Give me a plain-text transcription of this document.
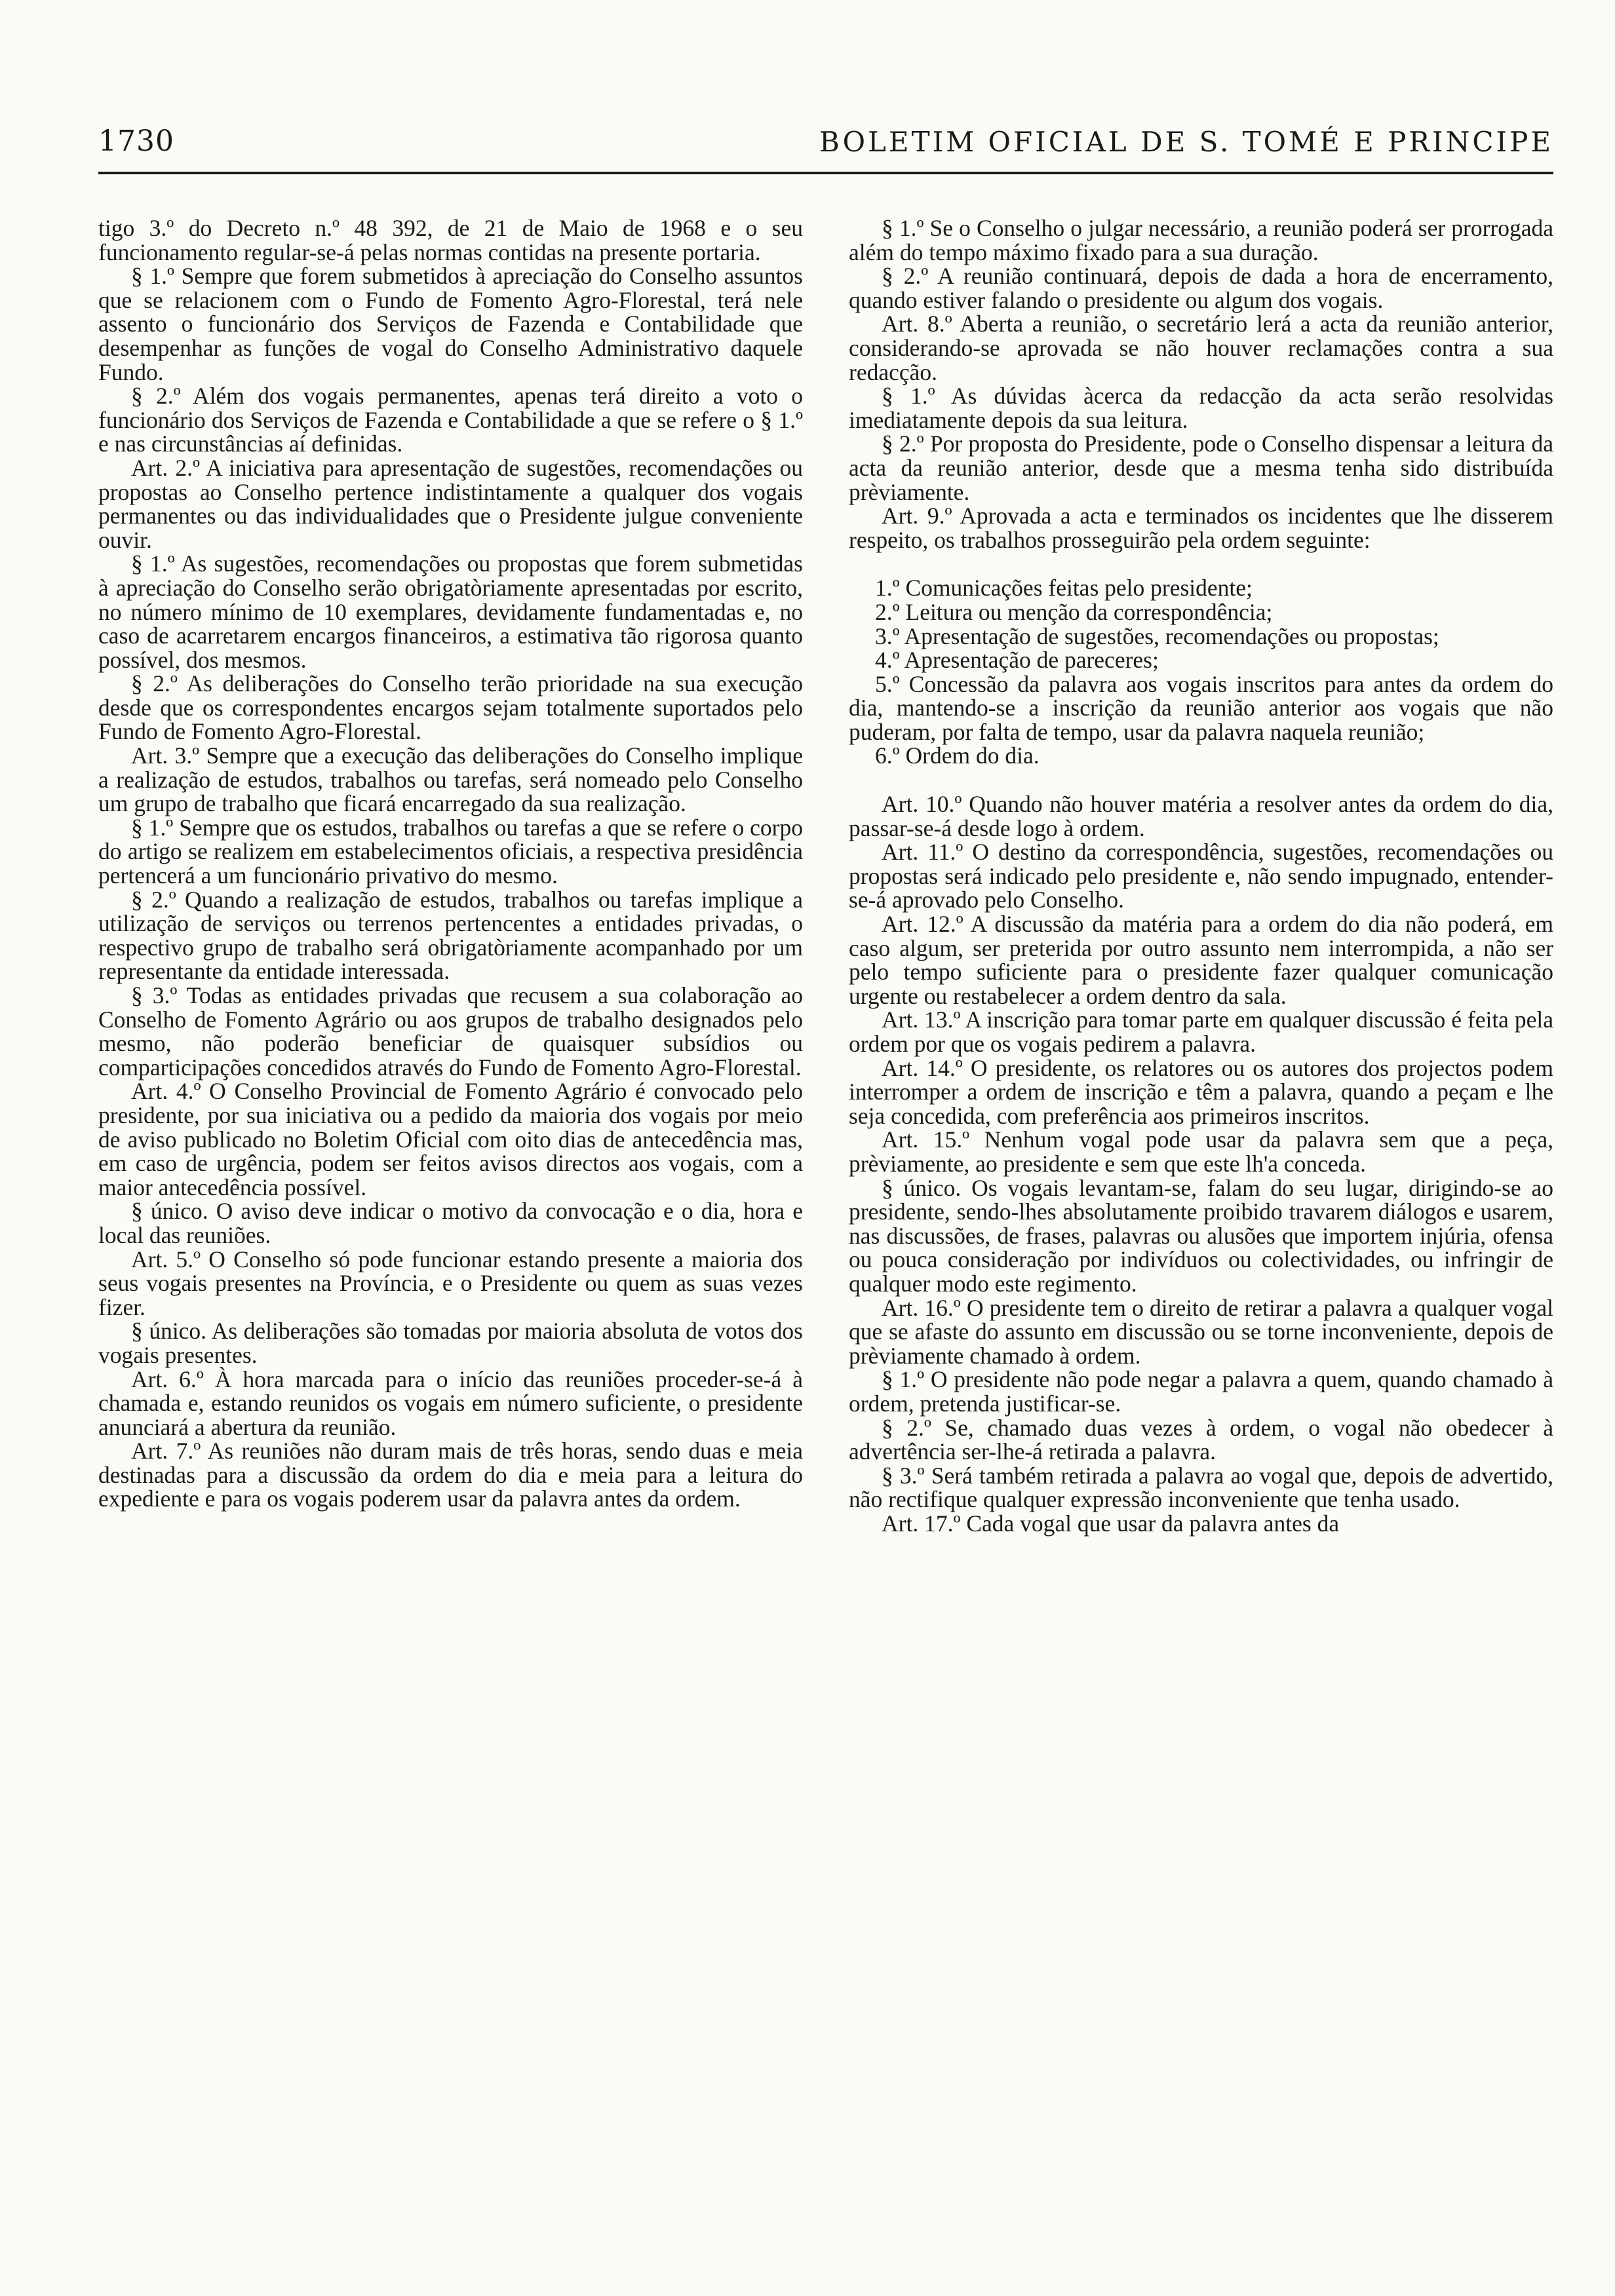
1730	BOLETIM OFICIAL DE S. TOMÉ E PRINCIPE

tigo 3.º do Decreto n.º 48 392, de 21 de Maio de 1968 e o seu funcionamento regular-se-á pelas normas contidas na presente portaria.

§ 1.º Sempre que forem submetidos à apreciação do Conselho assuntos que se relacionem com o Fundo de Fomento Agro-Florestal, terá nele assento o funcionário dos Serviços de Fazenda e Contabilidade que desempenhar as funções de vogal do Conselho Administrativo daquele Fundo.

§ 2.º Além dos vogais permanentes, apenas terá direito a voto o funcionário dos Serviços de Fazenda e Contabilidade a que se refere o § 1.º e nas circunstâncias aí definidas.

Art. 2.º A iniciativa para apresentação de sugestões, recomendações ou propostas ao Conselho pertence indistintamente a qualquer dos vogais permanentes ou das individualidades que o Presidente julgue conveniente ouvir.

§ 1.º As sugestões, recomendações ou propostas que forem submetidas à apreciação do Conselho serão obrigatòriamente apresentadas por escrito, no número mínimo de 10 exemplares, devidamente fundamentadas e, no caso de acarretarem encargos financeiros, a estimativa tão rigorosa quanto possível, dos mesmos.

§ 2.º As deliberações do Conselho terão prioridade na sua execução desde que os correspondentes encargos sejam totalmente suportados pelo Fundo de Fomento Agro-Florestal.

Art. 3.º Sempre que a execução das deliberações do Conselho implique a realização de estudos, trabalhos ou tarefas, será nomeado pelo Conselho um grupo de trabalho que ficará encarregado da sua realização.

§ 1.º Sempre que os estudos, trabalhos ou tarefas a que se refere o corpo do artigo se realizem em estabelecimentos oficiais, a respectiva presidência pertencerá a um funcionário privativo do mesmo.

§ 2.º Quando a realização de estudos, trabalhos ou tarefas implique a utilização de serviços ou terrenos pertencentes a entidades privadas, o respectivo grupo de trabalho será obrigatòriamente acompanhado por um representante da entidade interessada.

§ 3.º Todas as entidades privadas que recusem a sua colaboração ao Conselho de Fomento Agrário ou aos grupos de trabalho designados pelo mesmo, não poderão beneficiar de quaisquer subsídios ou comparticipações concedidos através do Fundo de Fomento Agro-Florestal.

Art. 4.º O Conselho Provincial de Fomento Agrário é convocado pelo presidente, por sua iniciativa ou a pedido da maioria dos vogais por meio de aviso publicado no Boletim Oficial com oito dias de antecedência mas, em caso de urgência, podem ser feitos avisos directos aos vogais, com a maior antecedência possível.

§ único. O aviso deve indicar o motivo da convocação e o dia, hora e local das reuniões.

Art. 5.º O Conselho só pode funcionar estando presente a maioria dos seus vogais presentes na Província, e o Presidente ou quem as suas vezes fizer.

§ único. As deliberações são tomadas por maioria absoluta de votos dos vogais presentes.

Art. 6.º À hora marcada para o início das reuniões proceder-se-á à chamada e, estando reunidos os vogais em número suficiente, o presidente anunciará a abertura da reunião.

Art. 7.º As reuniões não duram mais de três horas, sendo duas e meia destinadas para a discussão da ordem do dia e meia para a leitura do expediente e para os vogais poderem usar da palavra antes da ordem.

§ 1.º Se o Conselho o julgar necessário, a reunião poderá ser prorrogada além do tempo máximo fixado para a sua duração.

§ 2.º A reunião continuará, depois de dada a hora de encerramento, quando estiver falando o presidente ou algum dos vogais.

Art. 8.º Aberta a reunião, o secretário lerá a acta da reunião anterior, considerando-se aprovada se não houver reclamações contra a sua redacção.

§ 1.º As dúvidas àcerca da redacção da acta serão resolvidas imediatamente depois da sua leitura.

§ 2.º Por proposta do Presidente, pode o Conselho dispensar a leitura da acta da reunião anterior, desde que a mesma tenha sido distribuída prèviamente.

Art. 9.º Aprovada a acta e terminados os incidentes que lhe disserem respeito, os trabalhos prosseguirão pela ordem seguinte:

1.º Comunicações feitas pelo presidente;

2.º Leitura ou menção da correspondência;

3.º Apresentação de sugestões, recomendações ou propostas;

4.º Apresentação de pareceres;

5.º Concessão da palavra aos vogais inscritos para antes da ordem do dia, mantendo-se a inscrição da reunião anterior aos vogais que não puderam, por falta de tempo, usar da palavra naquela reunião;

6.º Ordem do dia.

Art. 10.º Quando não houver matéria a resolver antes da ordem do dia, passar-se-á desde logo à ordem.

Art. 11.º O destino da correspondência, sugestões, recomendações ou propostas será indicado pelo presidente e, não sendo impugnado, entender-se-á aprovado pelo Conselho.

Art. 12.º A discussão da matéria para a ordem do dia não poderá, em caso algum, ser preterida por outro assunto nem interrompida, a não ser pelo tempo suficiente para o presidente fazer qualquer comunicação urgente ou restabelecer a ordem dentro da sala.

Art. 13.º A inscrição para tomar parte em qualquer discussão é feita pela ordem por que os vogais pedirem a palavra.

Art. 14.º O presidente, os relatores ou os autores dos projectos podem interromper a ordem de inscrição e têm a palavra, quando a peçam e lhe seja concedida, com preferência aos primeiros inscritos.

Art. 15.º Nenhum vogal pode usar da palavra sem que a peça, prèviamente, ao presidente e sem que este lh'a conceda.

§ único. Os vogais levantam-se, falam do seu lugar, dirigindo-se ao presidente, sendo-lhes absolutamente proibido travarem diálogos e usarem, nas discussões, de frases, palavras ou alusões que importem injúria, ofensa ou pouca consideração por indivíduos ou colectividades, ou infringir de qualquer modo este regimento.

Art. 16.º O presidente tem o direito de retirar a palavra a qualquer vogal que se afaste do assunto em discussão ou se torne inconveniente, depois de prèviamente chamado à ordem.

§ 1.º O presidente não pode negar a palavra a quem, quando chamado à ordem, pretenda justificar-se.

§ 2.º Se, chamado duas vezes à ordem, o vogal não obedecer à advertência ser-lhe-á retirada a palavra.

§ 3.º Será também retirada a palavra ao vogal que, depois de advertido, não rectifique qualquer expressão inconveniente que tenha usado.

Art. 17.º Cada vogal que usar da palavra antes da
